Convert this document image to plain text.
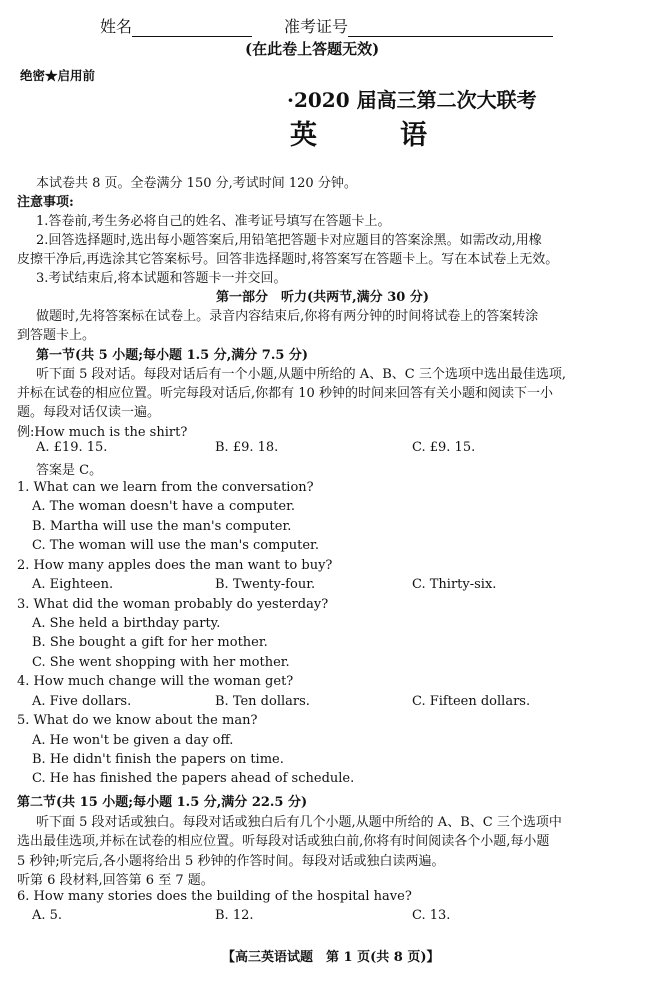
姓名	准考证号
(在此卷上答题无效)
绝密★启用前
·2020 届高三第二次大联考
英　语
本试卷共 8 页。全卷满分 150 分,考试时间 120 分钟。
注意事项:
1.答卷前,考生务必将自己的姓名、准考证号填写在答题卡上。
2.回答选择题时,选出每小题答案后,用铅笔把答题卡对应题目的答案涂黑。如需改动,用橡
皮擦干净后,再选涂其它答案标号。回答非选择题时,将答案写在答题卡上。写在本试卷上无效。
3.考试结束后,将本试题和答题卡一并交回。
第一部分　听力(共两节,满分 30 分)
做题时,先将答案标在试卷上。录音内容结束后,你将有两分钟的时间将试卷上的答案转涂
到答题卡上。
第一节(共 5 小题;每小题 1.5 分,满分 7.5 分)
听下面 5 段对话。每段对话后有一个小题,从题中所给的 A、B、C 三个选项中选出最佳选项,
并标在试卷的相应位置。听完每段对话后,你都有 10 秒钟的时间来回答有关小题和阅读下一小
题。每段对话仅读一遍。
例:How much is the shirt?
A. £19. 15.	B. £9. 18.	C. £9. 15.
答案是 C。
1. What can we learn from the conversation?
A. The woman doesn't have a computer.
B. Martha will use the man's computer.
C. The woman will use the man's computer.
2. How many apples does the man want to buy?
A. Eighteen.	B. Twenty-four.	C. Thirty-six.
3. What did the woman probably do yesterday?
A. She held a birthday party.
B. She bought a gift for her mother.
C. She went shopping with her mother.
4. How much change will the woman get?
A. Five dollars.	B. Ten dollars.	C. Fifteen dollars.
5. What do we know about the man?
A. He won't be given a day off.
B. He didn't finish the papers on time.
C. He has finished the papers ahead of schedule.
第二节(共 15 小题;每小题 1.5 分,满分 22.5 分)
听下面 5 段对话或独白。每段对话或独白后有几个小题,从题中所给的 A、B、C 三个选项中
选出最佳选项,并标在试卷的相应位置。听每段对话或独白前,你将有时间阅读各个小题,每小题
5 秒钟;听完后,各小题将给出 5 秒钟的作答时间。每段对话或独白读两遍。
听第 6 段材料,回答第 6 至 7 题。
6. How many stories does the building of the hospital have?
A. 5.	B. 12.	C. 13.
【高三英语试题　第 1 页(共 8 页)】
